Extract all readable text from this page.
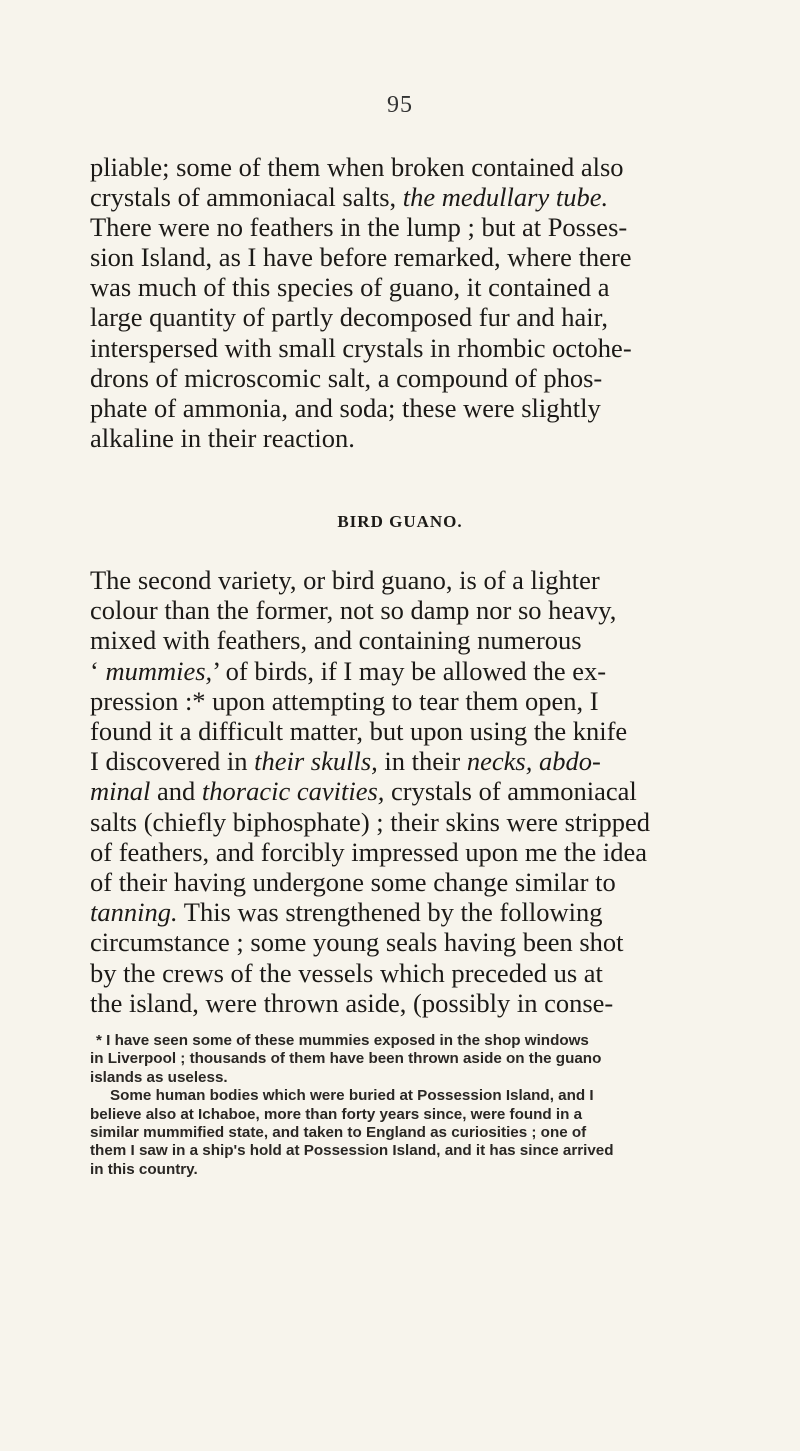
95
pliable; some of them when broken contained also
crystals of ammoniacal salts, the medullary tube.
There were no feathers in the lump ; but at Posses-
sion Island, as I have before remarked, where there
was much of this species of guano, it contained a
large quantity of partly decomposed fur and hair,
interspersed with small crystals in rhombic octohe-
drons of microscomic salt, a compound of phos-
phate of ammonia, and soda; these were slightly
alkaline in their reaction.
BIRD GUANO.
The second variety, or bird guano, is of a lighter
colour than the former, not so damp nor so heavy,
mixed with feathers, and containing numerous
‘ mummies,’ of birds, if I may be allowed the ex-
pression :* upon attempting to tear them open, I
found it a difficult matter, but upon using the knife
I discovered in their skulls, in their necks, abdo-
minal and thoracic cavities, crystals of ammoniacal
salts (chiefly biphosphate) ; their skins were stripped
of feathers, and forcibly impressed upon me the idea
of their having undergone some change similar to
tanning. This was strengthened by the following
circumstance ; some young seals having been shot
by the crews of the vessels which preceded us at
the island, were thrown aside, (possibly in conse-
* I have seen some of these mummies exposed in the shop windows
in Liverpool ; thousands of them have been thrown aside on the guano
islands as useless.
Some human bodies which were buried at Possession Island, and I
believe also at Ichaboe, more than forty years since, were found in a
similar mummified state, and taken to England as curiosities ; one of
them I saw in a ship's hold at Possession Island, and it has since arrived
in this country.
